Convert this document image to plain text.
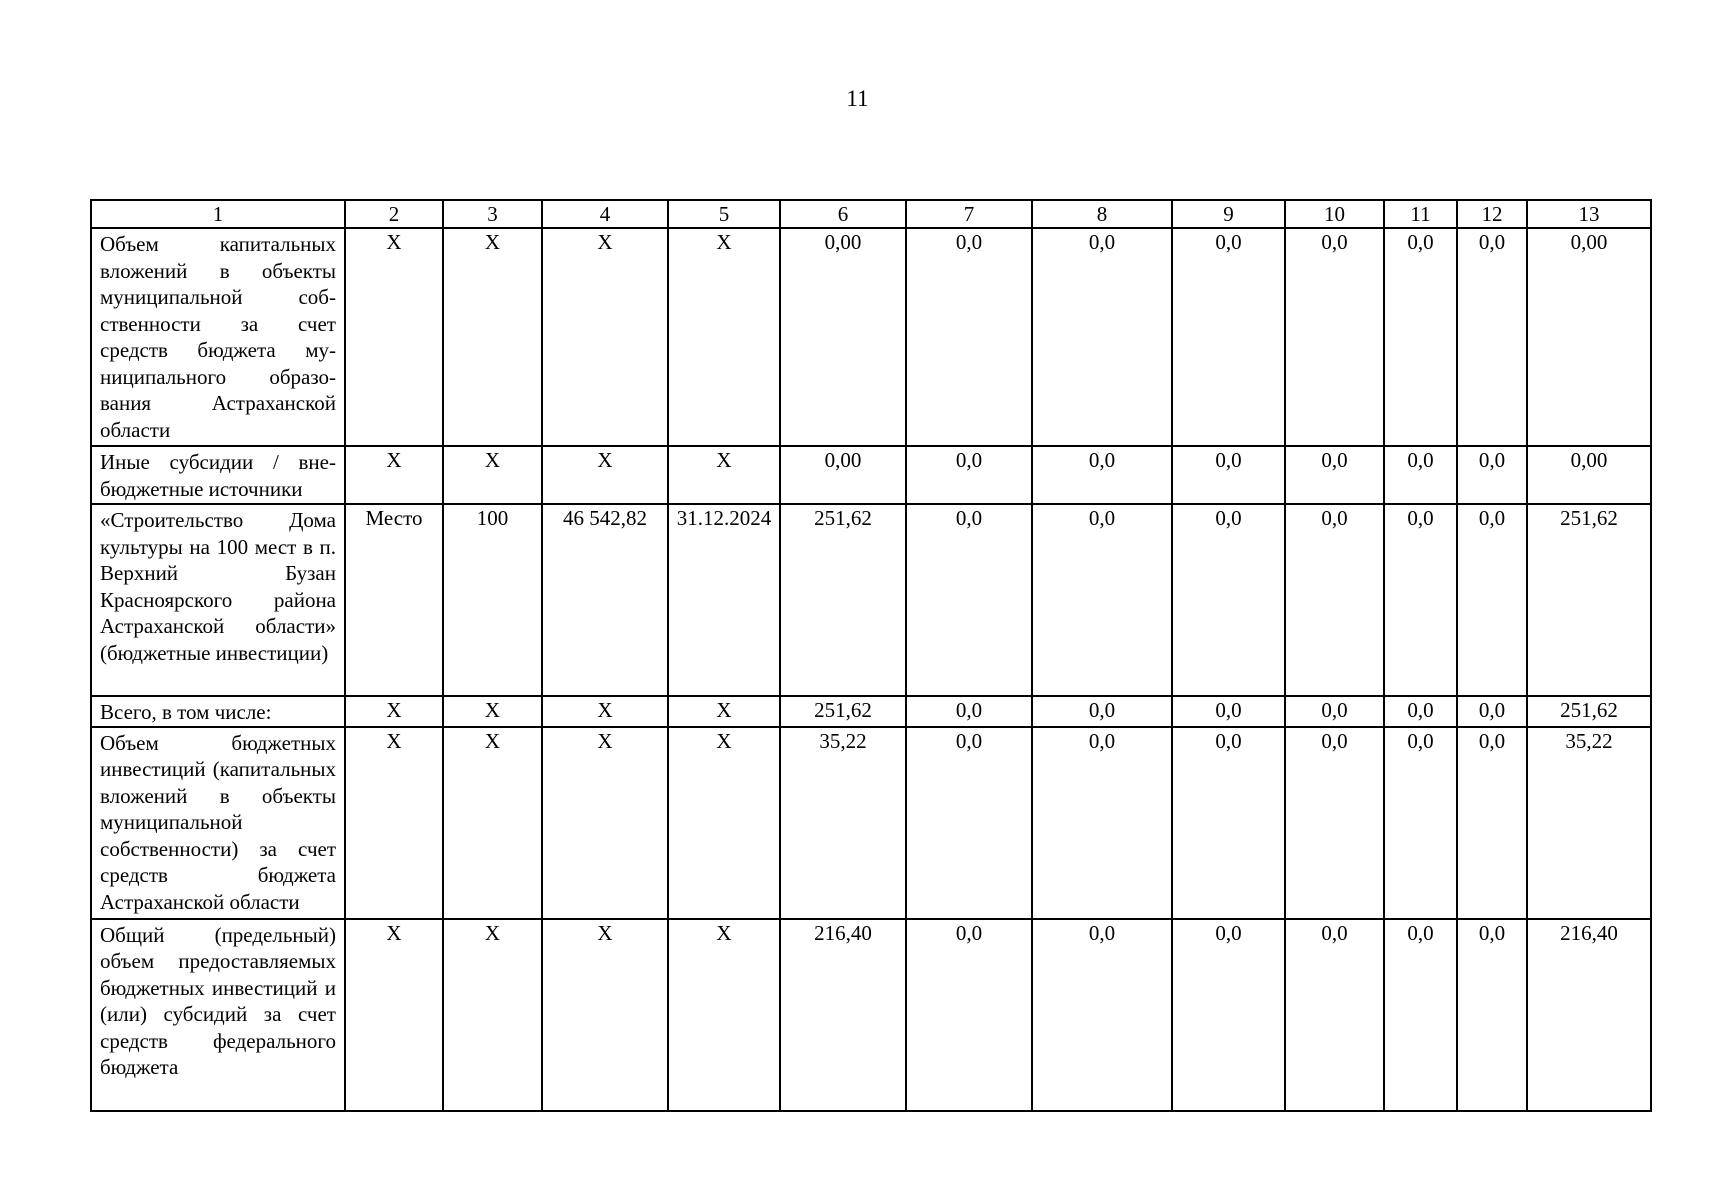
11
1	2	3	4	5	6	7	8	9	10	11	12	13
Объем капитальных вложений в объекты муниципальной собственности за счет средств бюджета муниципального образования Астраханской области	X	X	X	X	0,00	0,0	0,0	0,0	0,0	0,0	0,0	0,00
Иные субсидии / внебюджетные источники	X	X	X	X	0,00	0,0	0,0	0,0	0,0	0,0	0,0	0,00
«Строительство Дома культуры на 100 мест в п. Верхний Бузан Красноярского района Астраханской области» (бюджетные инвестиции)	Место	100	46 542,82	31.12.2024	251,62	0,0	0,0	0,0	0,0	0,0	0,0	251,62
Всего, в том числе:	X	X	X	X	251,62	0,0	0,0	0,0	0,0	0,0	0,0	251,62
Объем бюджетных инвестиций (капитальных вложений в объекты муниципальной собственности) за счет средств бюджета Астраханской области	X	X	X	X	35,22	0,0	0,0	0,0	0,0	0,0	0,0	35,22
Общий (предельный) объем предоставляемых бюджетных инвестиций и (или) субсидий за счет средств федерального бюджета	X	X	X	X	216,40	0,0	0,0	0,0	0,0	0,0	0,0	216,40
